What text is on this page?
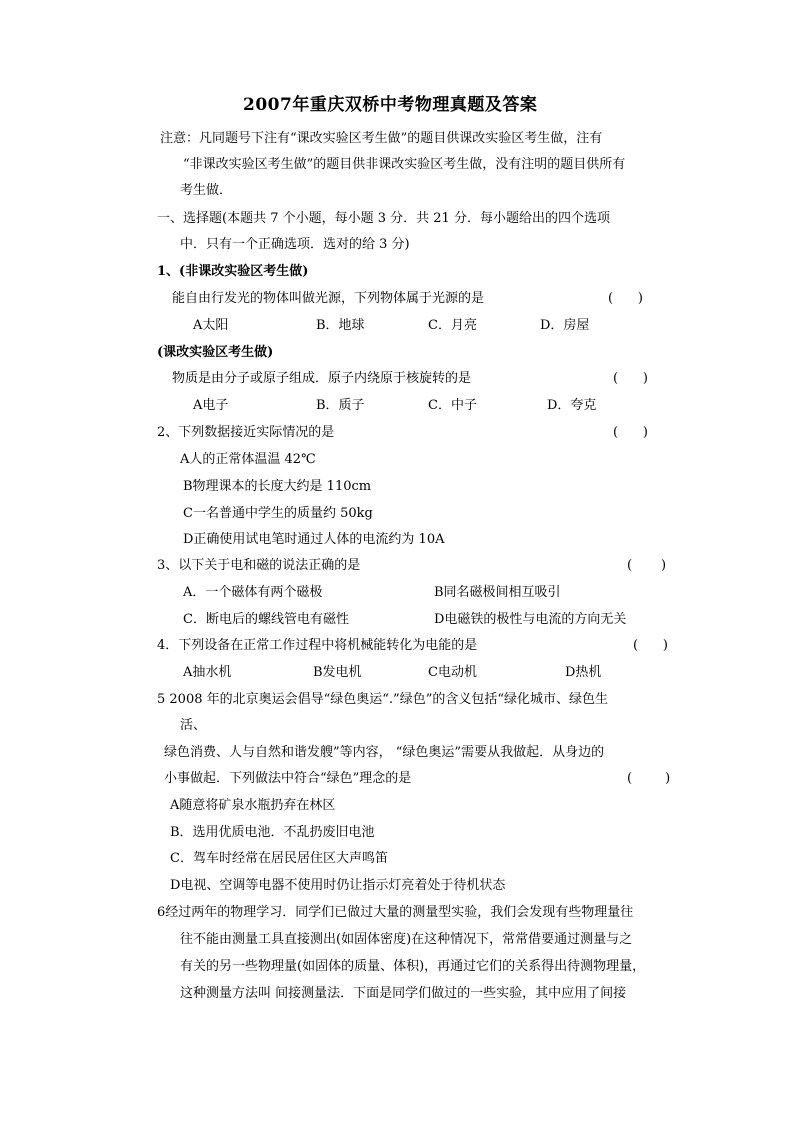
2007年重庆双桥中考物理真题及答案
注意：凡同题号下注有“课改实验区考生做”的题目供课改实验区考生做，注有
“非课改实验区考生做”的题目供非课改实验区考生做，没有注明的题目供所有
考生做．
一、选择题(本题共 7 个小题，每小题 3 分．共 21 分．每小题给出的四个选项
中．只有一个正确选项．选对的给 3 分)
1、(非课改实验区考生做)
能自由行发光的物体叫做光源，下列物体属于光源的是	(      )
A太阳	B．地球	C．月亮	D．房屋
(课改实验区考生做)
物质是由分子或原子组成．原子内绕原于核旋转的是	(      )
A电子	B．质子	C．中子	D．夸克
2、下列数据接近实际情况的是	(      )
A人的正常体温温 42℃
B物理课本的长度大约是 110cm
C一名普通中学生的质量约 50kg
D正确使用试电笔时通过人体的电流约为 10A
3、以下关于电和磁的说法正确的是	(       )
A．一个磁体有两个磁极	B同名磁极间相互吸引
C．断电后的螺线管电有磁性	D电磁铁的极性与电流的方向无关
4．下列设备在正常工作过程中将机械能转化为电能的是	(      )
A抽水机	B发电机	C电动机	D热机
5 2008 年的北京奥运会倡导“绿色奥运“.”绿色”的含义包括“绿化城市、绿色生
活、
绿色消费、人与自然和谐发艘”等内容， “绿色奥运”需要从我做起．从身边的
小事做起．下列做法中符合“绿色”理念的是	(        )
A随意将矿泉水瓶扔弃在林区
B．选用优质电池．不乱扔废旧电池
C．驾车时经常在居民居住区大声鸣笛
D电视、空调等电器不使用时仍让指示灯亮着处于待机状态
6经过两年的物理学习．同学们已做过大量的测量型实验，我们会发现有些物理量往
往不能由测量工具直接测出(如固体密度)在这种情况下，常常借要通过测量与之
有关的另一些物理量(如固体的质量、体积)，再通过它们的关系得出待测物理量，
这种测量方法叫 间接测量法．下面是同学们做过的一些实验，其中应用了间接
